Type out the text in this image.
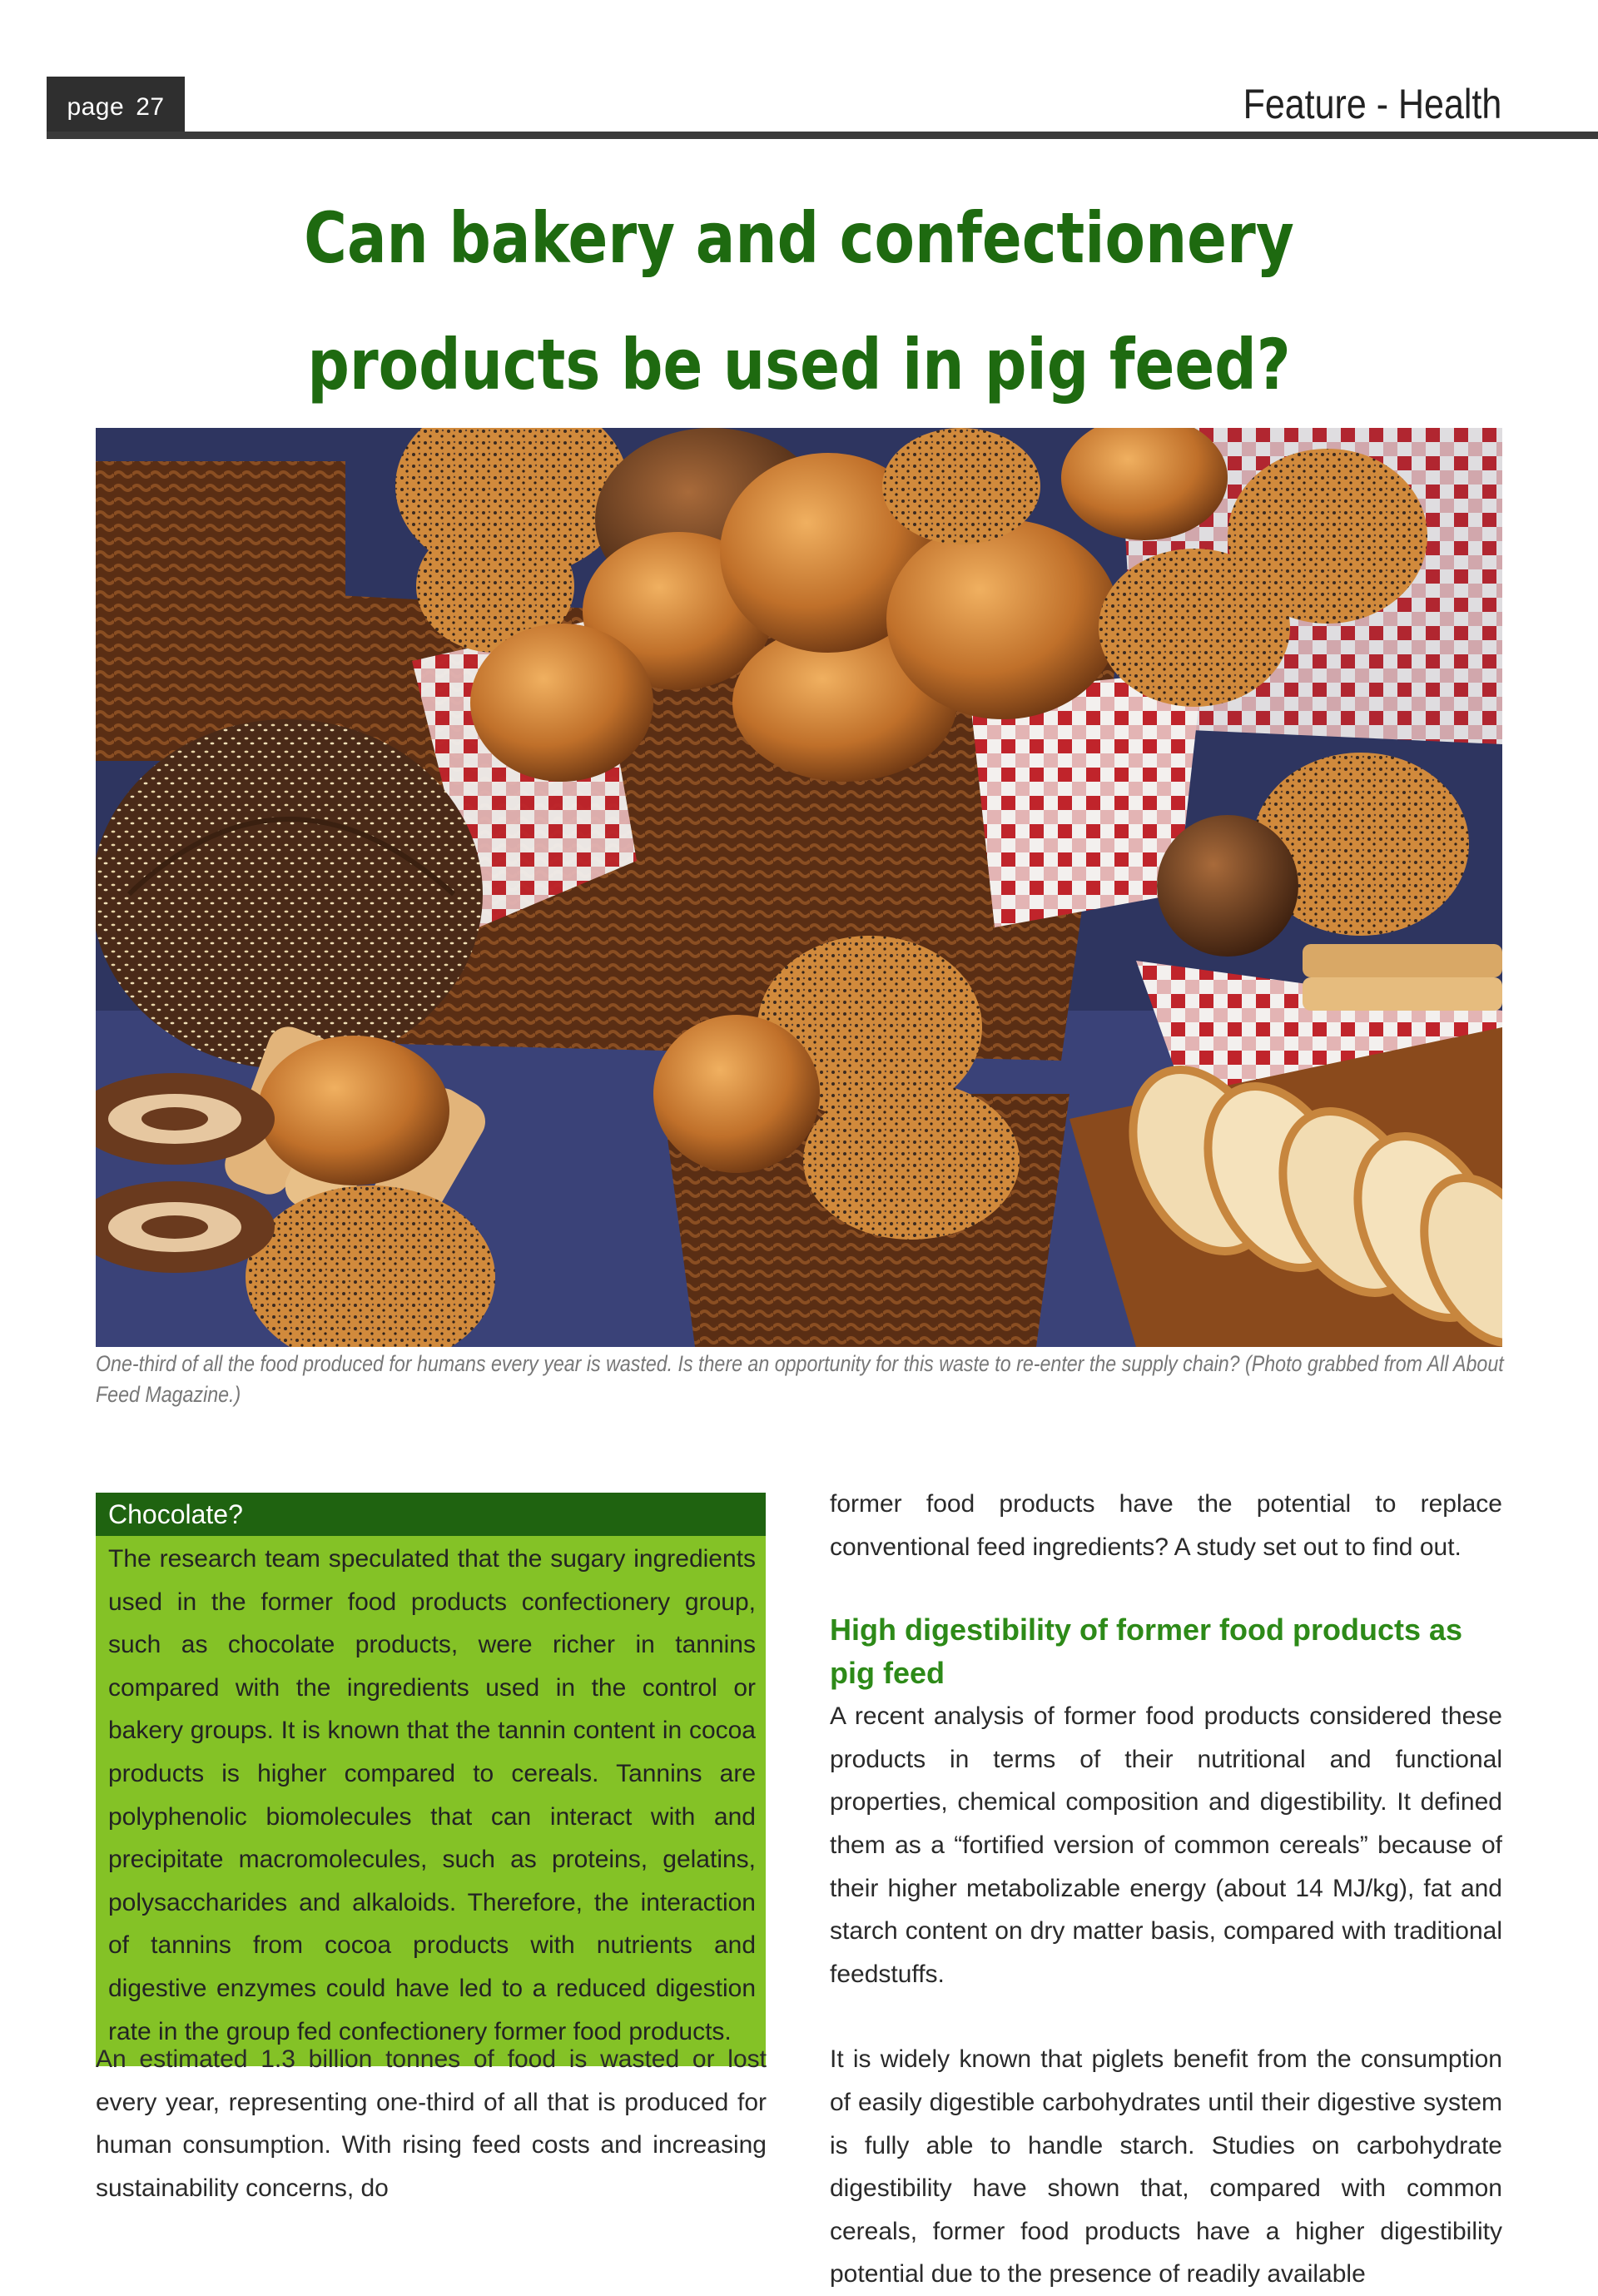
page 27	Feature - Health
Can bakery and confectionery products be used in pig feed?
One-third of all the food produced for humans every year is wasted. Is there an opportunity for this waste to re-enter the supply chain? (Photo grabbed from All About Feed Magazine.)
Chocolate?
The research team speculated that the sugary ingredients used in the former food products confectionery group, such as chocolate products, were richer in tannins compared with the ingredients used in the control or bakery groups. It is known that the tannin content in cocoa products is higher compared to cereals. Tannins are polyphenolic biomolecules that can interact with and precipitate macromolecules, such as proteins, gelatins, polysaccharides and alkaloids. Therefore, the interaction of tannins from cocoa products with nutrients and digestive enzymes could have led to a reduced digestion rate in the group fed confectionery former food products.

An estimated 1.3 billion tonnes of food is wasted or lost every year, representing one-third of all that is produced for human consumption. With rising feed costs and increasing sustainability concerns, do

former food products have the potential to replace conventional feed ingredients? A study set out to find out.

High digestibility of former food products as pig feed

A recent analysis of former food products considered these products in terms of their nutritional and functional properties, chemical composition and digestibility. It defined them as a “fortified version of common cereals” because of their higher metabolizable energy (about 14 MJ/kg), fat and starch content on dry matter basis, compared with traditional feedstuffs.

It is widely known that piglets benefit from the consumption of easily digestible carbohydrates until their digestive system is fully able to handle starch. Studies on carbohydrate digestibility have shown that, compared with common cereals, former food products have a higher digestibility potential due to the presence of readily available
